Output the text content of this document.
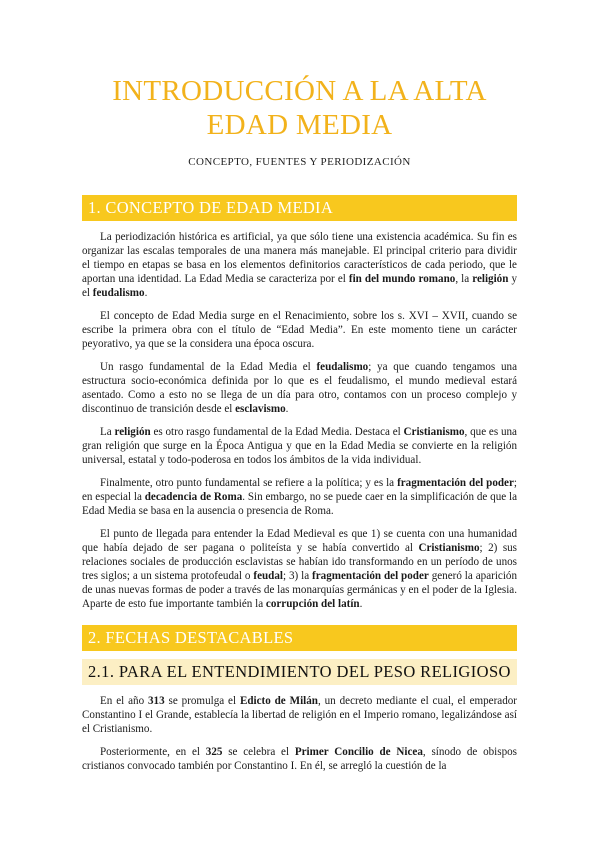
INTRODUCCIÓN A LA ALTA
EDAD MEDIA
CONCEPTO, FUENTES Y PERIODIZACIÓN
1. CONCEPTO DE EDAD MEDIA

La periodización histórica es artificial, ya que sólo tiene una existencia académica. Su fin es organizar las escalas temporales de una manera más manejable. El principal criterio para dividir el tiempo en etapas se basa en los elementos definitorios característicos de cada periodo, que le aportan una identidad. La Edad Media se caracteriza por el fin del mundo romano, la religión y el feudalismo.

El concepto de Edad Media surge en el Renacimiento, sobre los s. XVI – XVII, cuando se escribe la primera obra con el título de “Edad Media”. En este momento tiene un carácter peyorativo, ya que se la considera una época oscura.

Un rasgo fundamental de la Edad Media el feudalismo; ya que cuando tengamos una estructura socio-económica definida por lo que es el feudalismo, el mundo medieval estará asentado. Como a esto no se llega de un día para otro, contamos con un proceso complejo y discontinuo de transición desde el esclavismo.

La religión es otro rasgo fundamental de la Edad Media. Destaca el Cristianismo, que es una gran religión que surge en la Época Antigua y que en la Edad Media se convierte en la religión universal, estatal y todo-poderosa en todos los ámbitos de la vida individual.

Finalmente, otro punto fundamental se refiere a la política; y es la fragmentación del poder; en especial la decadencia de Roma. Sin embargo, no se puede caer en la simplificación de que la Edad Media se basa en la ausencia o presencia de Roma.

El punto de llegada para entender la Edad Medieval es que 1) se cuenta con una humanidad que había dejado de ser pagana o politeísta y se había convertido al Cristianismo; 2) sus relaciones sociales de producción esclavistas se habían ido transformando en un período de unos tres siglos; a un sistema protofeudal o feudal; 3) la fragmentación del poder generó la aparición de unas nuevas formas de poder a través de las monarquías germánicas y en el poder de la Iglesia. Aparte de esto fue importante también la corrupción del latín.

2. FECHAS DESTACABLES
2.1. PARA EL ENTENDIMIENTO DEL PESO RELIGIOSO

En el año 313 se promulga el Edicto de Milán, un decreto mediante el cual, el emperador Constantino I el Grande, establecía la libertad de religión en el Imperio romano, legalizándose así el Cristianismo.

Posteriormente, en el 325 se celebra el Primer Concilio de Nicea, sínodo de obispos cristianos convocado también por Constantino I. En él, se arregló la cuestión de la
